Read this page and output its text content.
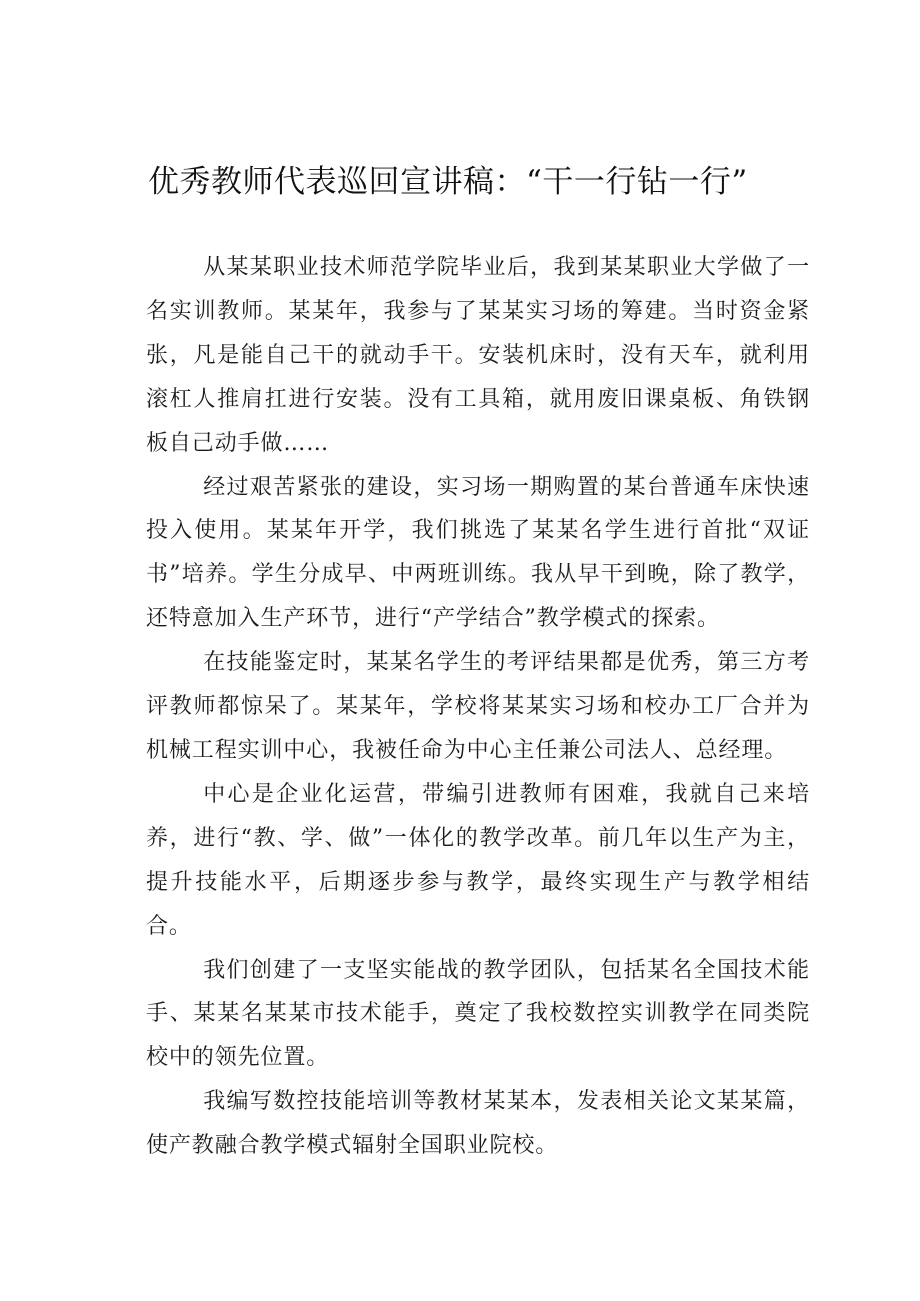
优秀教师代表巡回宣讲稿：“干一行钻一行”

从某某职业技术师范学院毕业后，我到某某职业大学做了一名实训教师。某某年，我参与了某某实习场的筹建。当时资金紧张，凡是能自己干的就动手干。安装机床时，没有天车，就利用滚杠人推肩扛进行安装。没有工具箱，就用废旧课桌板、角铁钢板自己动手做……

经过艰苦紧张的建设，实习场一期购置的某台普通车床快速投入使用。某某年开学，我们挑选了某某名学生进行首批“双证书”培养。学生分成早、中两班训练。我从早干到晚，除了教学，还特意加入生产环节，进行“产学结合”教学模式的探索。

在技能鉴定时，某某名学生的考评结果都是优秀，第三方考评教师都惊呆了。某某年，学校将某某实习场和校办工厂合并为机械工程实训中心，我被任命为中心主任兼公司法人、总经理。

中心是企业化运营，带编引进教师有困难，我就自己来培养，进行“教、学、做”一体化的教学改革。前几年以生产为主，提升技能水平，后期逐步参与教学，最终实现生产与教学相结合。

我们创建了一支坚实能战的教学团队，包括某名全国技术能手、某某名某某市技术能手，奠定了我校数控实训教学在同类院校中的领先位置。

我编写数控技能培训等教材某某本，发表相关论文某某篇，使产教融合教学模式辐射全国职业院校。
